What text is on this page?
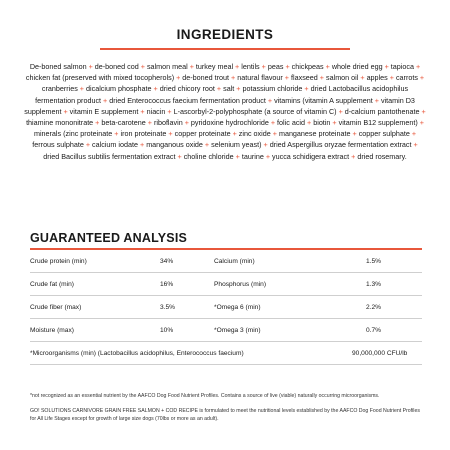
INGREDIENTS
De-boned salmon + de-boned cod + salmon meal + turkey meal + lentils + peas + chickpeas + whole dried egg + tapioca + chicken fat (preserved with mixed tocopherols) + de-boned trout + natural flavour + flaxseed + salmon oil + apples + carrots + cranberries + dicalcium phosphate + dried chicory root + salt + potassium chloride + dried Lactobacillus acidophilus fermentation product + dried Enterococcus faecium fermentation product + vitamins (vitamin A supplement + vitamin D3 supplement + vitamin E supplement + niacin + L-ascorbyl-2-polyphosphate (a source of vitamin C) + d-calcium pantothenate + thiamine mononitrate + beta-carotene + riboflavin + pyridoxine hydrochloride + folic acid + biotin + vitamin B12 supplement) + minerals (zinc proteinate + iron proteinate + copper proteinate + zinc oxide + manganese proteinate + copper sulphate + ferrous sulphate + calcium iodate + manganous oxide + selenium yeast) + dried Aspergillus oryzae fermentation extract + dried Bacillus subtilis fermentation extract + choline chloride + taurine + yucca schidigera extract + dried rosemary.
GUARANTEED ANALYSIS
Crude protein (min)	34%	Calcium (min)	1.5%
Crude fat (min)	16%	Phosphorus (min)	1.3%
Crude fiber (max)	3.5%	*Omega 6 (min)	2.2%
Moisture (max)	10%	*Omega 3 (min)	0.7%
*Microorganisms (min) (Lactobacillus acidophilus, Enterococcus faecium)	90,000,000 CFU/lb
*not recognized as an essential nutrient by the AAFCO Dog Food Nutrient Profiles. Contains a source of live (viable) naturally occurring microorganisms.
GO! SOLUTIONS CARNIVORE GRAIN FREE SALMON + COD RECIPE is formulated to meet the nutritional levels established by the AAFCO Dog Food Nutrient Profiles for All Life Stages except for growth of large size dogs (70lbs or more as an adult).
